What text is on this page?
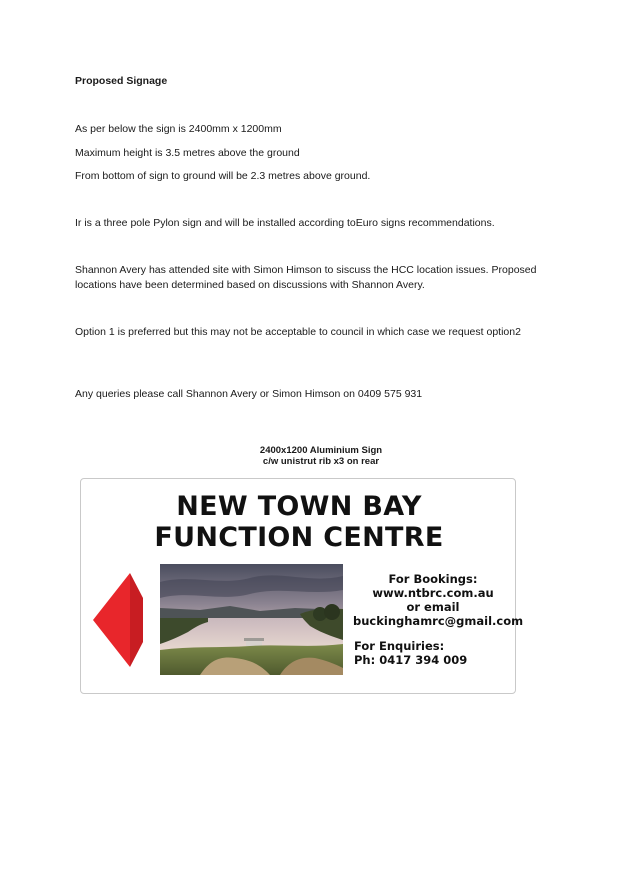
Proposed Signage
As per below the sign is 2400mm x 1200mm
Maximum height is 3.5 metres above the ground
From bottom of sign to ground will be 2.3 metres above ground.
Ir is a three pole Pylon sign and will be installed according toEuro signs recommendations.
Shannon Avery has attended site with Simon Himson to siscuss the HCC location issues. Proposed locations have been determined based on discussions with Shannon Avery.
Option 1 is preferred but this may not be acceptable to council in which case we request option2
Any queries please call Shannon Avery or Simon Himson on 0409 575 931
2400x1200 Aluminium Sign
c/w unistrut rib x3 on rear
NEW TOWN BAY
FUNCTION CENTRE
For Bookings:
www.ntbrc.com.au
or email
buckinghamrc@gmail.com
For Enquiries:
Ph: 0417 394 009
